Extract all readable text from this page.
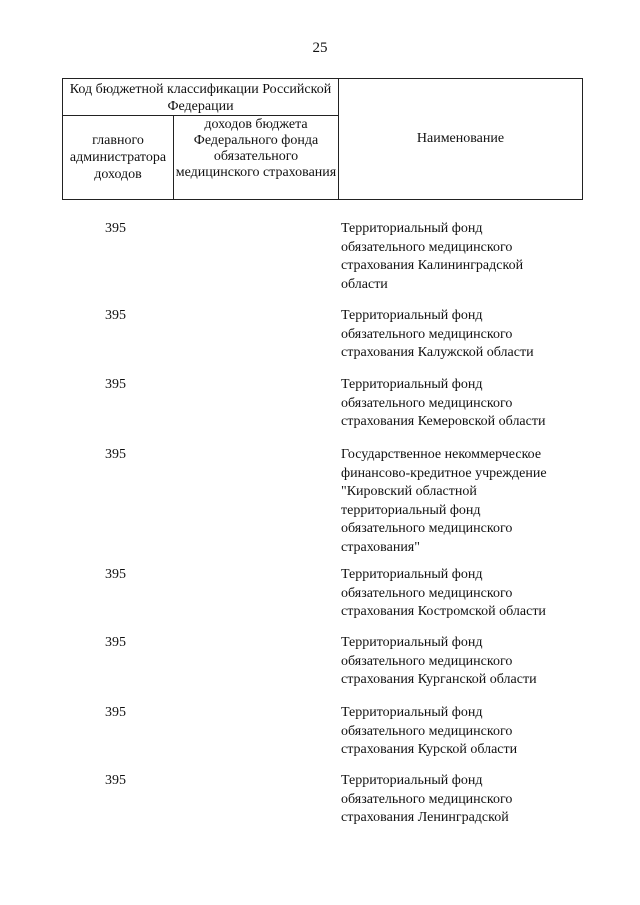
25
Код бюджетной классификации Российской Федерации
главного администратора доходов
доходов бюджета Федерального фонда обязательного медицинского страхования
Наименование
395	Территориальный фонд
обязательного медицинского
страхования Калининградской
области
395	Территориальный фонд
обязательного медицинского
страхования Калужской области
395	Территориальный фонд
обязательного медицинского
страхования Кемеровской области
395	Государственное некоммерческое
финансово-кредитное учреждение
"Кировский областной
территориальный фонд
обязательного медицинского
страхования"
395	Территориальный фонд
обязательного медицинского
страхования Костромской области
395	Территориальный фонд
обязательного медицинского
страхования Курганской области
395	Территориальный фонд
обязательного медицинского
страхования Курской области
395	Территориальный фонд
обязательного медицинского
страхования Ленинградской
